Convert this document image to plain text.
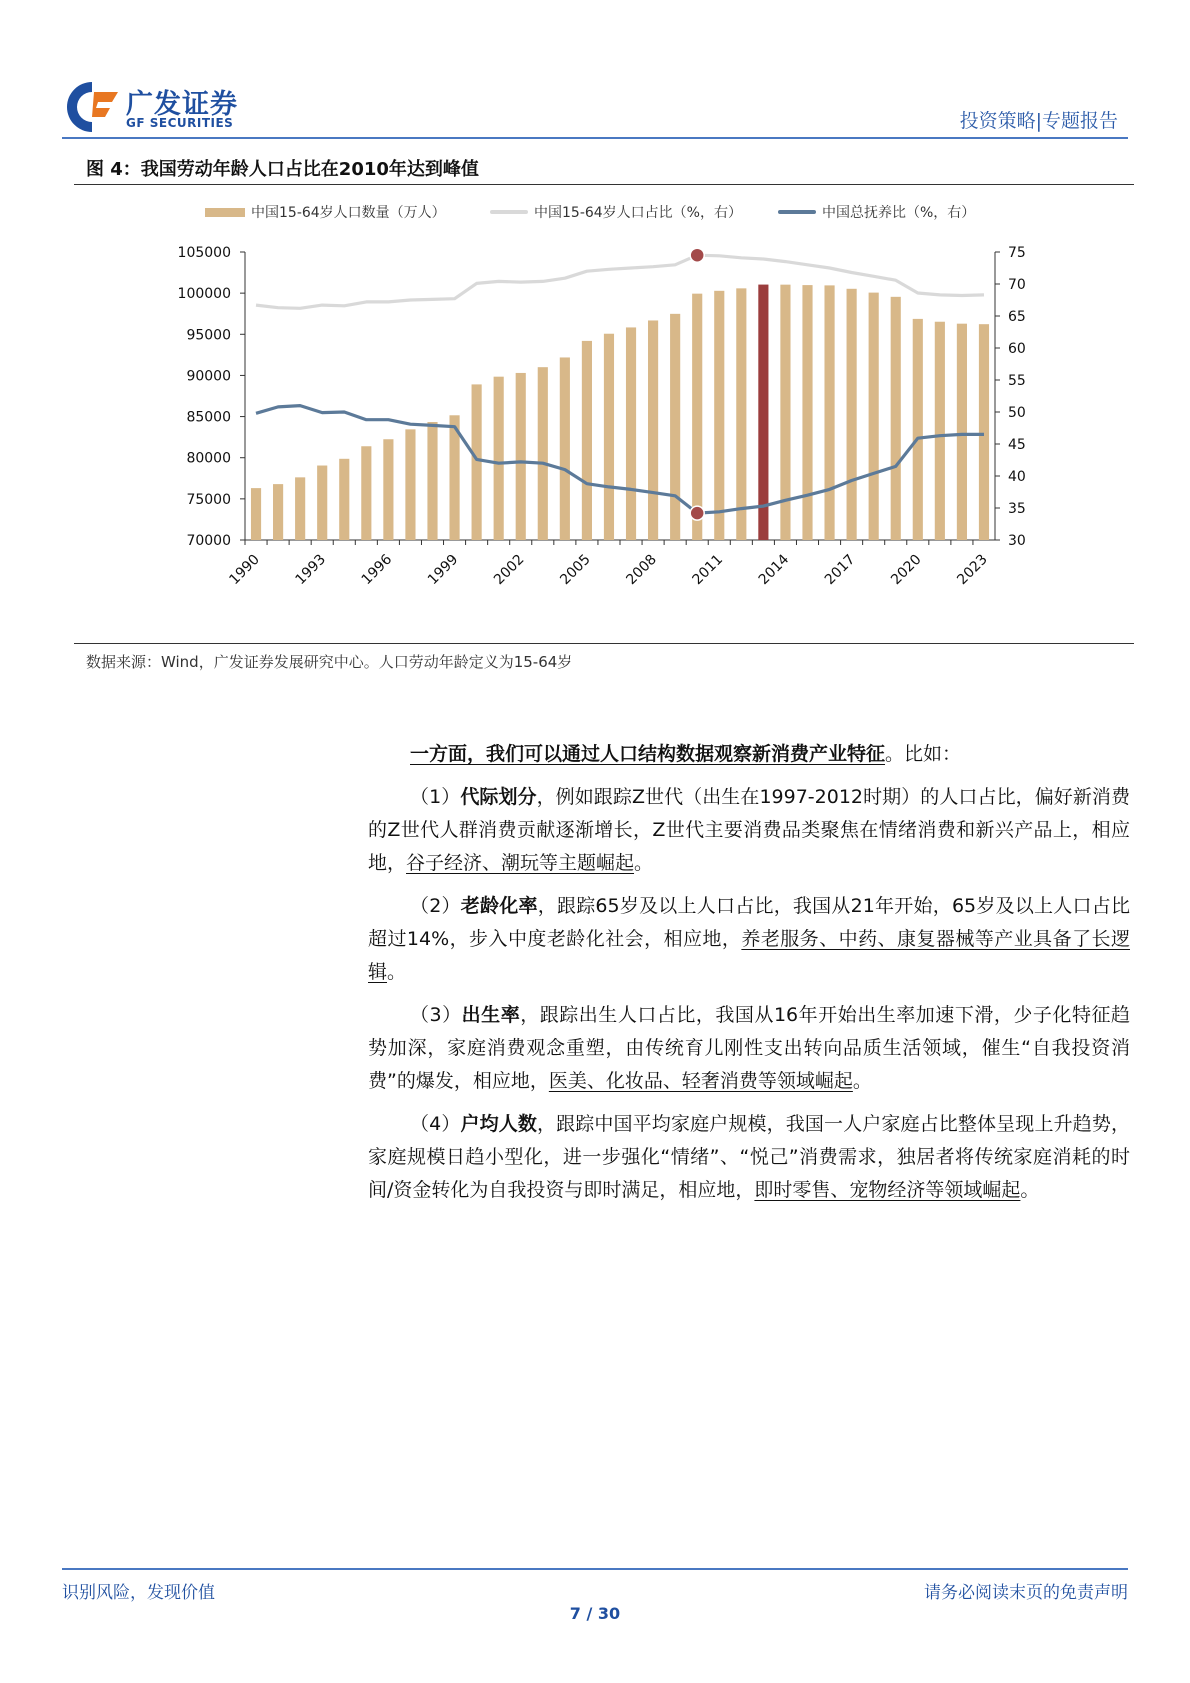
广发证券
GF SECURITIES	投资策略|专题报告
图 4：我国劳动年龄人口占比在2010年达到峰值
中国15-64岁人口数量（万人）	中国15-64岁人口占比（%，右）	中国总抚养比（%，右）
70000
75000
80000
85000
90000
95000
100000
105000
30
35
40
45
50
55
60
65
70
75
1990 1993 1996 1999 2002 2005 2008 2011 2014 2017 2020 2023
数据来源：Wind，广发证券发展研究中心。人口劳动年龄定义为15-64岁

一方面，我们可以通过人口结构数据观察新消费产业特征。比如：

（1）代际划分，例如跟踪Z世代（出生在1997-2012时期）的人口占比，偏好新消费的Z世代人群消费贡献逐渐增长，Z世代主要消费品类聚焦在情绪消费和新兴产品上，相应地，谷子经济、潮玩等主题崛起。

（2）老龄化率，跟踪65岁及以上人口占比，我国从21年开始，65岁及以上人口占比超过14%，步入中度老龄化社会，相应地，养老服务、中药、康复器械等产业具备了长逻辑。

（3）出生率，跟踪出生人口占比，我国从16年开始出生率加速下滑，少子化特征趋势加深，家庭消费观念重塑，由传统育儿刚性支出转向品质生活领域，催生“自我投资消费”的爆发，相应地，医美、化妆品、轻奢消费等领域崛起。

（4）户均人数，跟踪中国平均家庭户规模，我国一人户家庭占比整体呈现上升趋势，家庭规模日趋小型化，进一步强化“情绪”、“悦己”消费需求，独居者将传统家庭消耗的时间/资金转化为自我投资与即时满足，相应地，即时零售、宠物经济等领域崛起。

识别风险，发现价值	请务必阅读末页的免责声明
7 / 30
